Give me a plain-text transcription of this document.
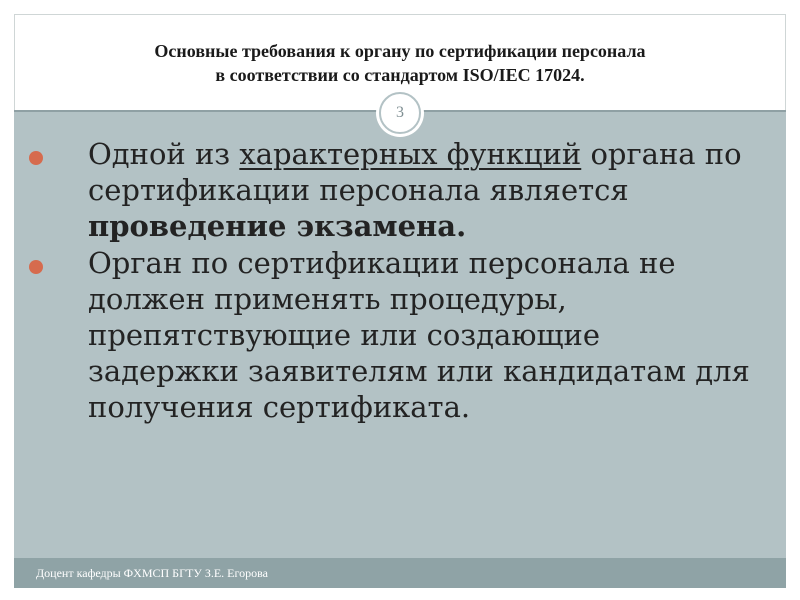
Основные требования к органу по сертификации персонала
в соответствии со стандартом ISO/IEC 17024.
3
Одной из характерных функций органа по сертификации персонала является проведение экзамена.
Орган по сертификации персонала не должен применять процедуры, препятствующие или создающие задержки заявителям или кандидатам для получения сертификата.
Доцент кафедры ФХМСП БГТУ З.Е. Егорова
